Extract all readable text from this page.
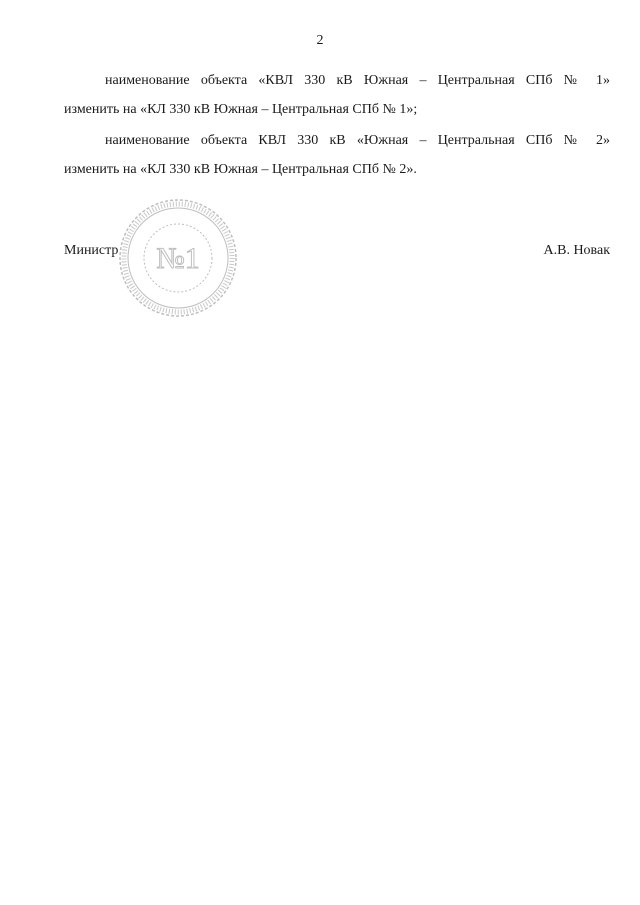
2
наименование объекта «КВЛ 330 кВ Южная – Центральная СПб № 1»
изменить на «КЛ 330 кВ Южная – Центральная СПб № 1»;
наименование объекта КВЛ 330 кВ «Южная – Центральная СПб № 2»
изменить на «КЛ 330 кВ Южная – Центральная СПб № 2».
№1
Министр	А.В. Новак
